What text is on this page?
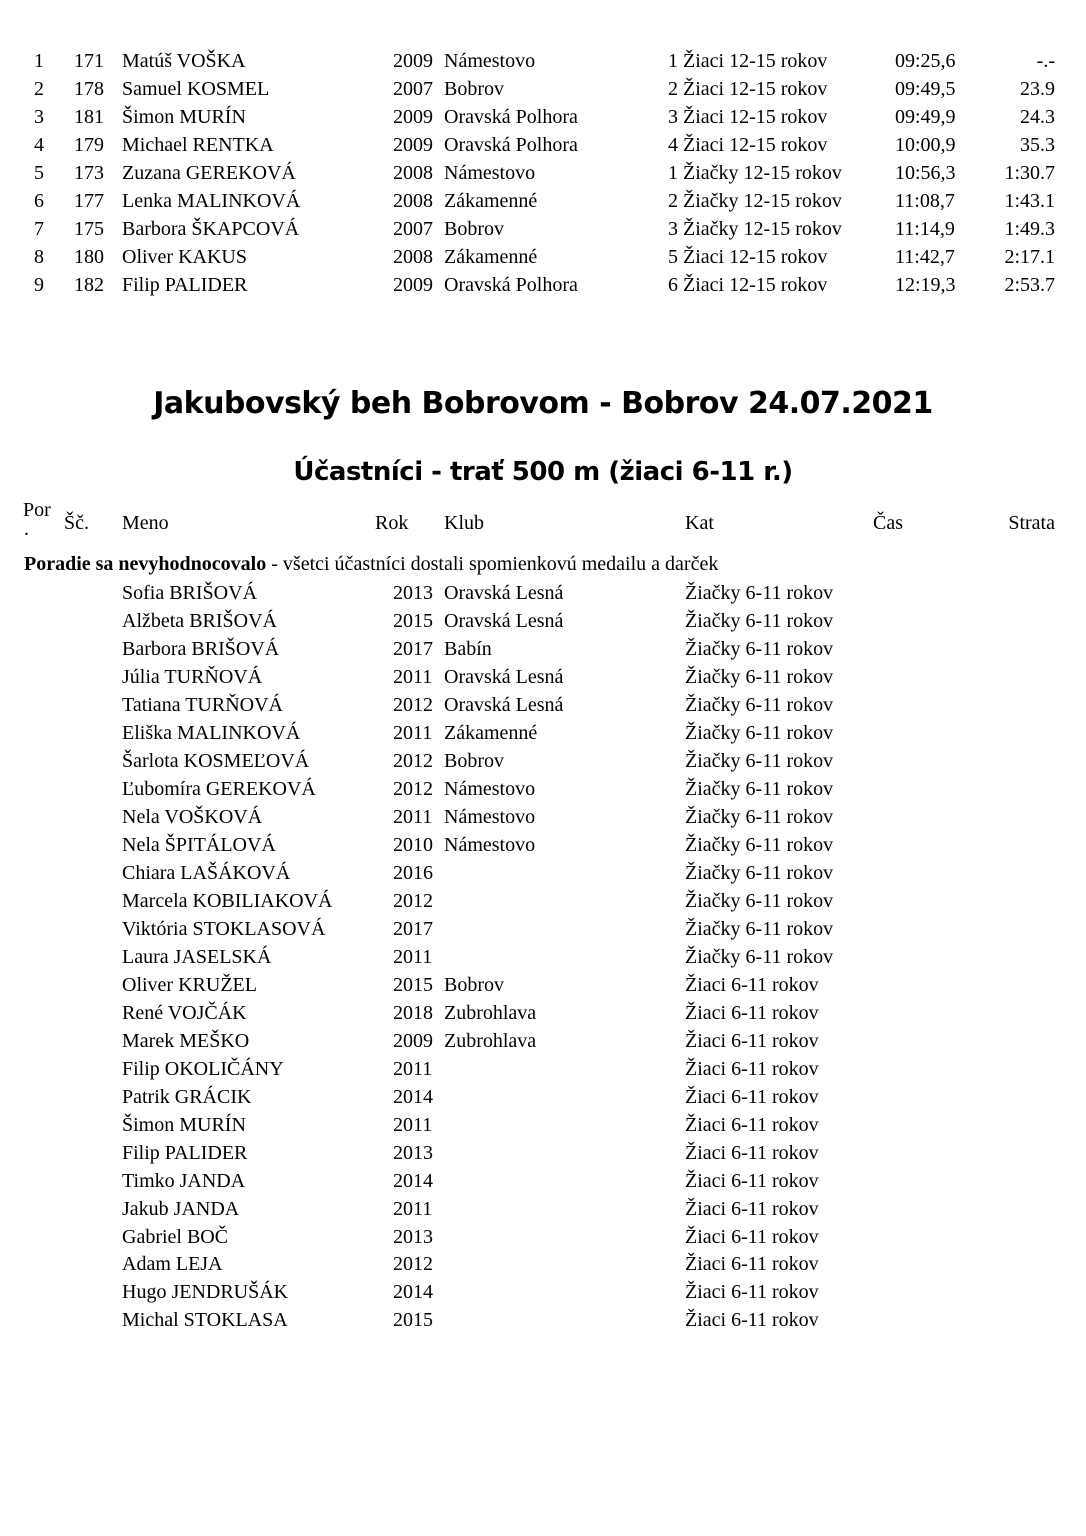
1 171 Matúš VOŠKA	2009 Námestovo	1 Žiaci 12-15 rokov	09:25,6	-.-
2 178 Samuel KOSMEL	2007 Bobrov	2 Žiaci 12-15 rokov	09:49,5	23.9
3 181 Šimon MURÍN	2009 Oravská Polhora	3 Žiaci 12-15 rokov	09:49,9	24.3
4 179 Michael RENTKA	2009 Oravská Polhora	4 Žiaci 12-15 rokov	10:00,9	35.3
5 173 Zuzana GEREKOVÁ	2008 Námestovo	1 Žiačky 12-15 rokov	10:56,3 1:30.7
6 177 Lenka MALINKOVÁ	2008 Zákamenné	2 Žiačky 12-15 rokov	11:08,7 1:43.1
7 175 Barbora ŠKAPCOVÁ	2007 Bobrov	3 Žiačky 12-15 rokov	11:14,9 1:49.3
8 180 Oliver KAKUS	2008 Zákamenné	5 Žiaci 12-15 rokov	11:42,7 2:17.1
9 182 Filip PALIDER	2009 Oravská Polhora	6 Žiaci 12-15 rokov	12:19,3 2:53.7
Jakubovský beh Bobrovom - Bobrov 24.07.2021
Účastníci - trať 500 m (žiaci 6-11 r.)
Por
. Šč. Meno	Rok Klub	Kat	Čas	Strata
Poradie sa nevyhodnocovalo - všetci účastníci dostali spomienkovú medailu a darček
Sofia BRIŠOVÁ	2013 Oravská Lesná	Žiačky 6-11 rokov
Alžbeta BRIŠOVÁ	2015 Oravská Lesná	Žiačky 6-11 rokov
Barbora BRIŠOVÁ	2017 Babín	Žiačky 6-11 rokov
Júlia TURŇOVÁ	2011 Oravská Lesná	Žiačky 6-11 rokov
Tatiana TURŇOVÁ	2012 Oravská Lesná	Žiačky 6-11 rokov
Eliška MALINKOVÁ	2011 Zákamenné	Žiačky 6-11 rokov
Šarlota KOSMEĽOVÁ	2012 Bobrov	Žiačky 6-11 rokov
Ľubomíra GEREKOVÁ	2012 Námestovo	Žiačky 6-11 rokov
Nela VOŠKOVÁ	2011 Námestovo	Žiačky 6-11 rokov
Nela ŠPITÁLOVÁ	2010 Námestovo	Žiačky 6-11 rokov
Chiara LAŠÁKOVÁ	2016	Žiačky 6-11 rokov
Marcela KOBILIAKOVÁ	2012	Žiačky 6-11 rokov
Viktória STOKLASOVÁ	2017	Žiačky 6-11 rokov
Laura JASELSKÁ	2011	Žiačky 6-11 rokov
Oliver KRUŽEL	2015 Bobrov	Žiaci 6-11 rokov
René VOJČÁK	2018 Zubrohlava	Žiaci 6-11 rokov
Marek MEŠKO	2009 Zubrohlava	Žiaci 6-11 rokov
Filip OKOLIČÁNY	2011	Žiaci 6-11 rokov
Patrik GRÁCIK	2014	Žiaci 6-11 rokov
Šimon MURÍN	2011	Žiaci 6-11 rokov
Filip PALIDER	2013	Žiaci 6-11 rokov
Timko JANDA	2014	Žiaci 6-11 rokov
Jakub JANDA	2011	Žiaci 6-11 rokov
Gabriel BOČ	2013	Žiaci 6-11 rokov
Adam LEJA	2012	Žiaci 6-11 rokov
Hugo JENDRUŠÁK	2014	Žiaci 6-11 rokov
Michal STOKLASA	2015	Žiaci 6-11 rokov
